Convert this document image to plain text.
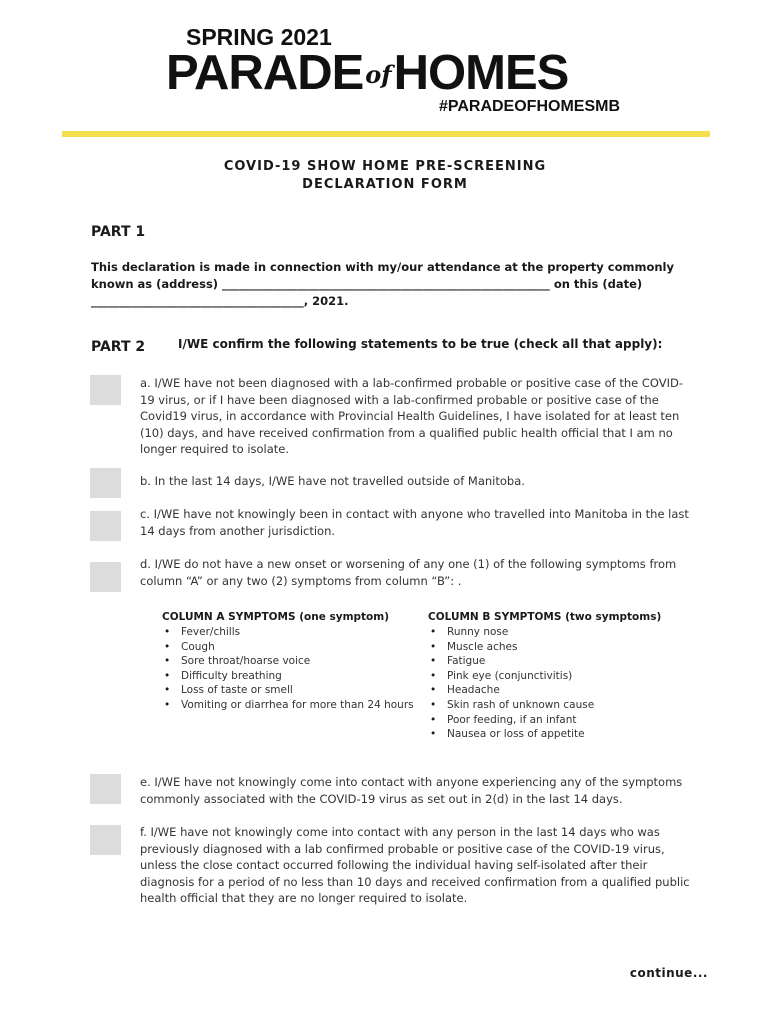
SPRING 2021
PARADEofHOMES
#PARADEOFHOMESMB
COVID-19 SHOW HOME PRE-SCREENING
DECLARATION FORM
PART 1
This declaration is made in connection with my/our attendance at the property commonly known as (address) _________________________________________________________ on this (date) _____________________________________, 2021.
PART 2	I/WE confirm the following statements to be true (check all that apply):
a. I/WE have not been diagnosed with a lab-confirmed probable or positive case of the COVID-19 virus, or if I have been diagnosed with a lab-confirmed probable or positive case of the Covid19 virus, in accordance with Provincial Health Guidelines, I have isolated for at least ten (10) days, and have received confirmation from a qualified public health official that I am no longer required to isolate.
b. In the last 14 days, I/WE have not travelled outside of Manitoba.
c. I/WE have not knowingly been in contact with anyone who travelled into Manitoba in the last 14 days from another jurisdiction.
d. I/WE do not have a new onset or worsening of any one (1) of the following symptoms from column “A” or any two (2) symptoms from column “B”: .
COLUMN A SYMPTOMS (one symptom)
• Fever/chills
• Cough
• Sore throat/hoarse voice
• Difficulty breathing
• Loss of taste or smell
• Vomiting or diarrhea for more than 24 hours
COLUMN B SYMPTOMS (two symptoms)
• Runny nose
• Muscle aches
• Fatigue
• Pink eye (conjunctivitis)
• Headache
• Skin rash of unknown cause
• Poor feeding, if an infant
• Nausea or loss of appetite
e. I/WE have not knowingly come into contact with anyone experiencing any of the symptoms commonly associated with the COVID-19 virus as set out in 2(d) in the last 14 days.
f. I/WE have not knowingly come into contact with any person in the last 14 days who was previously diagnosed with a lab confirmed probable or positive case of the COVID-19 virus, unless the close contact occurred following the individual having self-isolated after their diagnosis for a period of no less than 10 days and received confirmation from a qualified public health official that they are no longer required to isolate.
continue...
